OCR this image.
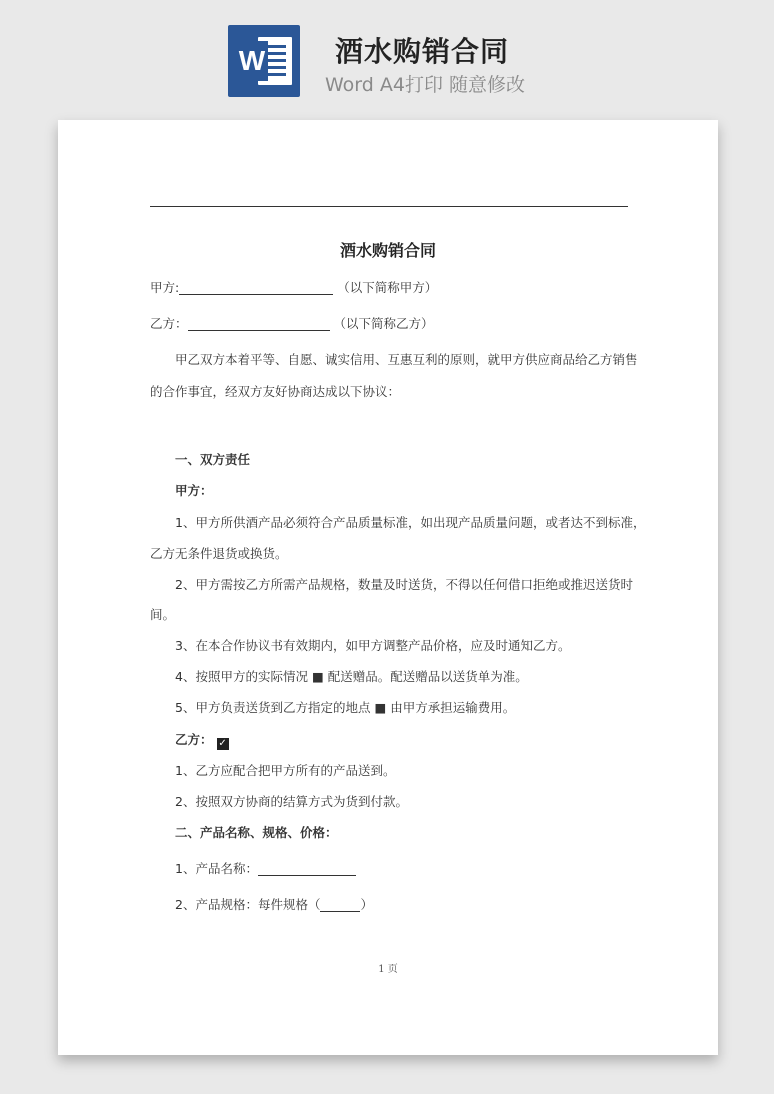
W 酒水购销合同
Word A4打印 随意修改
酒水购销合同
甲方:	（以下简称甲方）
乙方：	（以下简称乙方）
甲乙双方本着平等、自愿、诚实信用、互惠互利的原则，就甲方供应商品给乙方销售
的合作事宜，经双方友好协商达成以下协议：
一、双方责任
甲方：
1、甲方所供酒产品必须符合产品质量标准，如出现产品质量问题，或者达不到标准，
乙方无条件退货或换货。
2、甲方需按乙方所需产品规格，数量及时送货，不得以任何借口拒绝或推迟送货时
间。
3、在本合作协议书有效期内，如甲方调整产品价格，应及时通知乙方。
4、按照甲方的实际情况 ■ 配送赠品。配送赠品以送货单为准。
5、甲方负责送货到乙方指定的地点 ■ 由甲方承担运输费用。
乙方： ✓
1、乙方应配合把甲方所有的产品送到。
2、按照双方协商的结算方式为货到付款。
二、产品名称、规格、价格：
1、产品名称：
2、产品规格：每件规格（	）
1 页
